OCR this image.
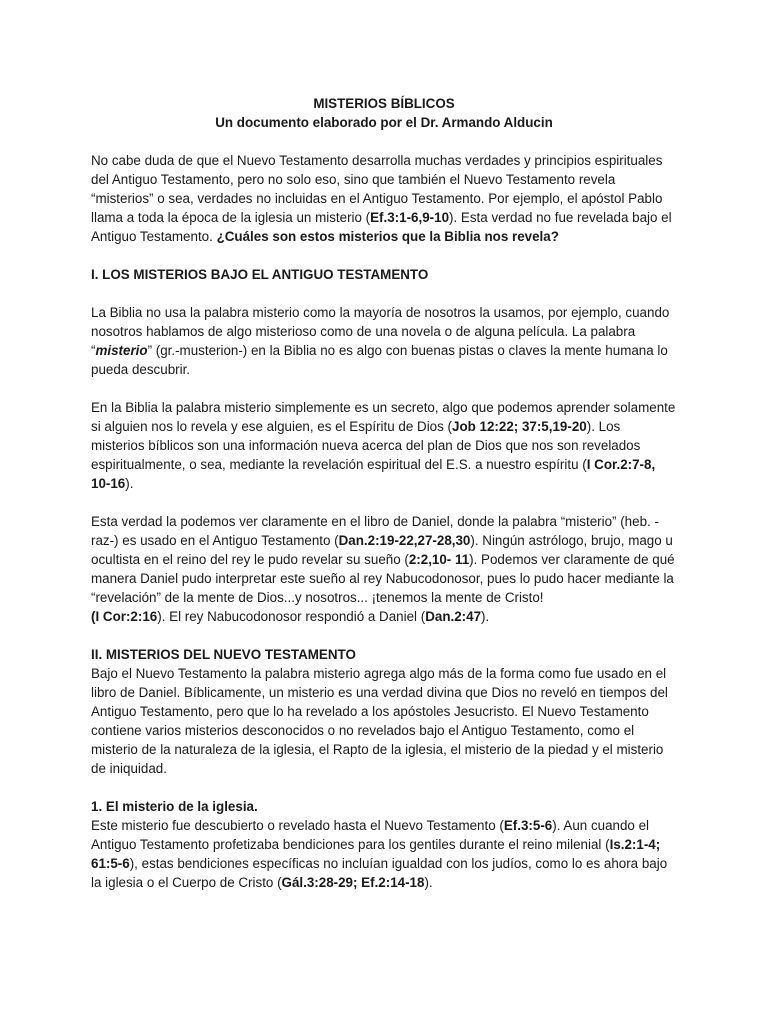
MISTERIOS BÍBLICOS

Un documento elaborado por el Dr. Armando Alducin

No cabe duda de que el Nuevo Testamento desarrolla muchas verdades y principios espirituales del Antiguo Testamento, pero no solo eso, sino que también el Nuevo Testamento revela “misterios” o sea, verdades no incluidas en el Antiguo Testamento. Por ejemplo, el apóstol Pablo llama a toda la época de la iglesia un misterio (Ef.3:1-6,9-10). Esta verdad no fue revelada bajo el Antiguo Testamento. ¿Cuáles son estos misterios que la Biblia nos revela?

I. LOS MISTERIOS BAJO EL ANTIGUO TESTAMENTO

La Biblia no usa la palabra misterio como la mayoría de nosotros la usamos, por ejemplo, cuando nosotros hablamos de algo misterioso como de una novela o de alguna película. La palabra “misterio” (gr.-musterion-) en la Biblia no es algo con buenas pistas o claves la mente humana lo pueda descubrir.

En la Biblia la palabra misterio simplemente es un secreto, algo que podemos aprender solamente si alguien nos lo revela y ese alguien, es el Espíritu de Dios (Job 12:22; 37:5,19-20). Los misterios bíblicos son una información nueva acerca del plan de Dios que nos son revelados espiritualmente, o sea, mediante la revelación espiritual del E.S. a nuestro espíritu (I Cor.2:7-8, 10-16).

Esta verdad la podemos ver claramente en el libro de Daniel, donde la palabra “misterio” (heb. -raz-) es usado en el Antiguo Testamento (Dan.2:19-22,27-28,30). Ningún astrólogo, brujo, mago u ocultista en el reino del rey le pudo revelar su sueño (2:2,10- 11). Podemos ver claramente de qué manera Daniel pudo interpretar este sueño al rey Nabucodonosor, pues lo pudo hacer mediante la “revelación” de la mente de Dios...y nosotros... ¡tenemos la mente de Cristo!
(I Cor:2:16). El rey Nabucodonosor respondió a Daniel (Dan.2:47).

II. MISTERIOS DEL NUEVO TESTAMENTO

Bajo el Nuevo Testamento la palabra misterio agrega algo más de la forma como fue usado en el libro de Daniel. Bíblicamente, un misterio es una verdad divina que Dios no reveló en tiempos del Antiguo Testamento, pero que lo ha revelado a los apóstoles Jesucristo. El Nuevo Testamento contiene varios misterios desconocidos o no revelados bajo el Antiguo Testamento, como el misterio de la naturaleza de la iglesia, el Rapto de la iglesia, el misterio de la piedad y el misterio de iniquidad.

1. El misterio de la iglesia.

Este misterio fue descubierto o revelado hasta el Nuevo Testamento (Ef.3:5-6). Aun cuando el Antiguo Testamento profetizaba bendiciones para los gentiles durante el reino milenial (Is.2:1-4; 61:5-6), estas bendiciones específicas no incluían igualdad con los judíos, como lo es ahora bajo la iglesia o el Cuerpo de Cristo (Gál.3:28-29; Ef.2:14-18).
